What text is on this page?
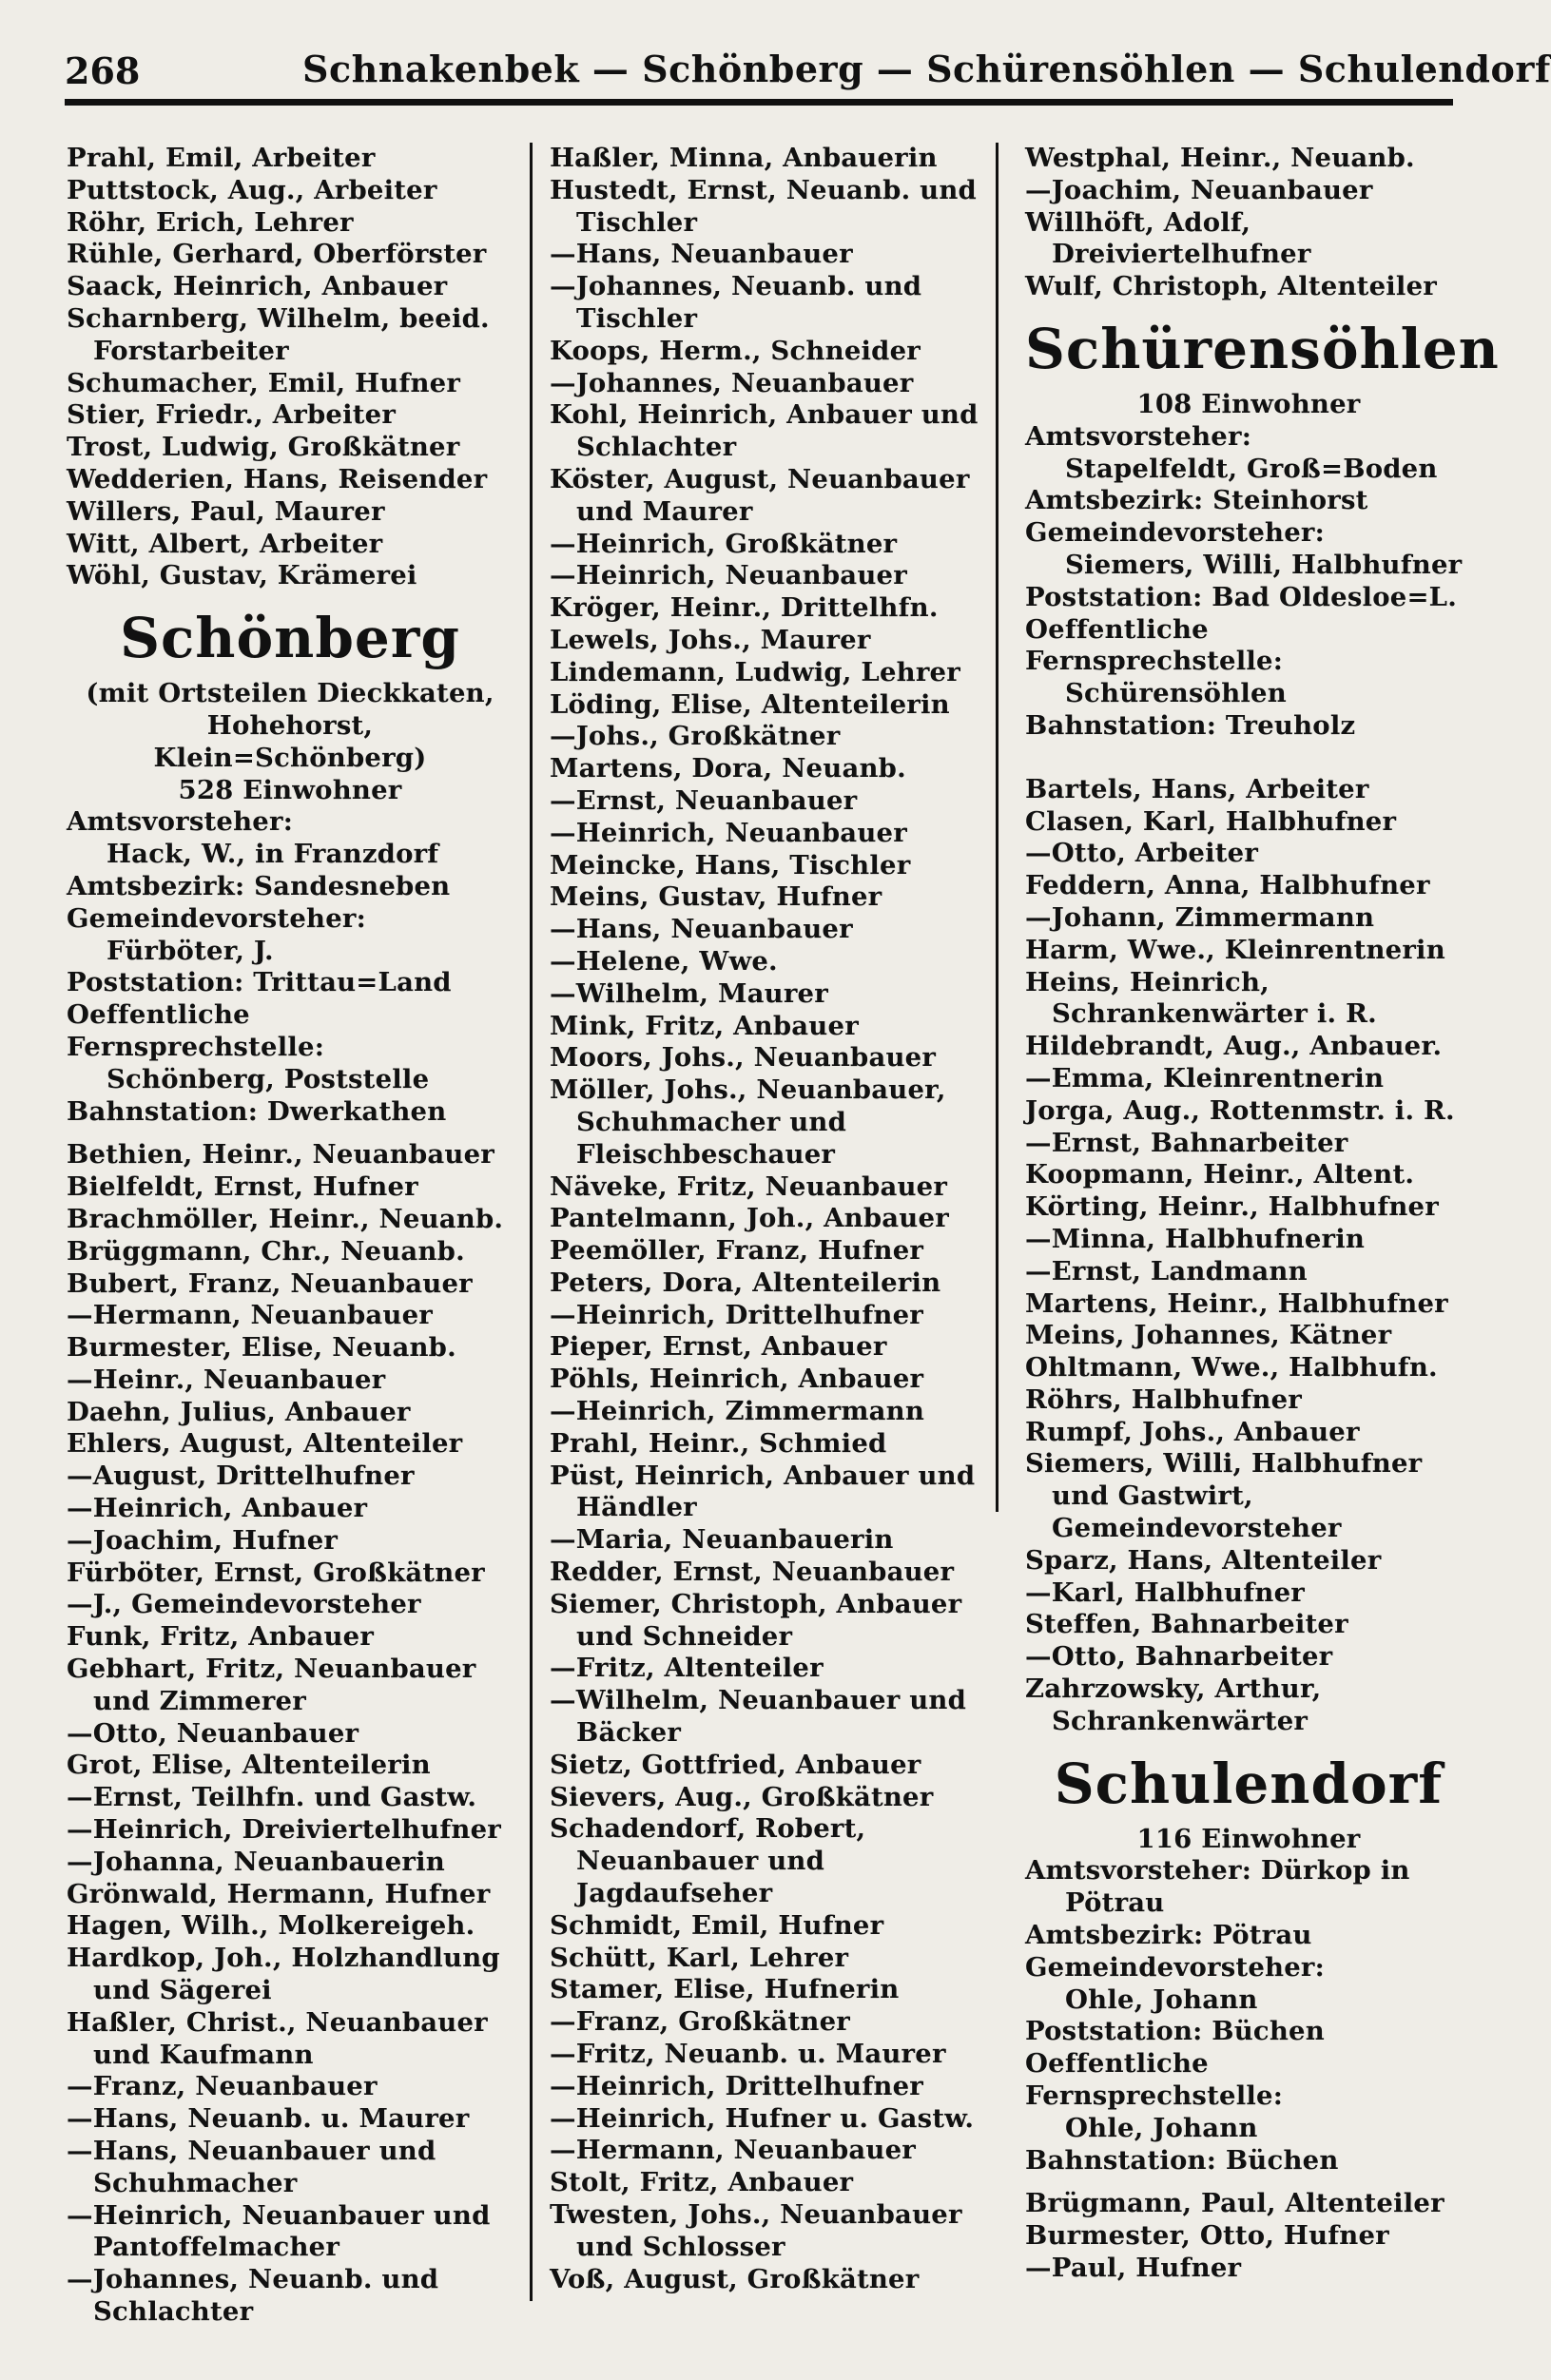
268	Schnakenbek — Schönberg — Schürensöhlen — Schulendorf

Prahl, Emil, Arbeiter

Puttstock, Aug., Arbeiter

Röhr, Erich, Lehrer

Rühle, Gerhard, Oberförster

Saack, Heinrich, Anbauer

Scharnberg, Wilhelm, beeid. Forstarbeiter

Schumacher, Emil, Hufner

Stier, Friedr., Arbeiter

Trost, Ludwig, Großkätner

Wedderien, Hans, Reisender

Willers, Paul, Maurer

Witt, Albert, Arbeiter

Wöhl, Gustav, Krämerei

Schönberg
(mit Ortsteilen Dieckkaten, Hohehorst, Klein=Schönberg)
528 Einwohner

Amtsvorsteher:

Hack, W., in Franzdorf

Amtsbezirk: Sandesneben

Gemeindevorsteher:

Fürböter, J.

Poststation: Trittau=Land

Oeffentliche Fernsprechstelle:

Schönberg, Poststelle

Bahnstation: Dwerkathen

Bethien, Heinr., Neuanbauer

Bielfeldt, Ernst, Hufner

Brachmöller, Heinr., Neuanb.

Brüggmann, Chr., Neuanb.

Bubert, Franz, Neuanbauer

—Hermann, Neuanbauer

Burmester, Elise, Neuanb.

—Heinr., Neuanbauer

Daehn, Julius, Anbauer

Ehlers, August, Altenteiler

—August, Drittelhufner

—Heinrich, Anbauer

—Joachim, Hufner

Fürböter, Ernst, Großkätner

—J., Gemeindevorsteher

Funk, Fritz, Anbauer

Gebhart, Fritz, Neuanbauer und Zimmerer

—Otto, Neuanbauer

Grot, Elise, Altenteilerin

—Ernst, Teilhfn. und Gastw.

—Heinrich, Dreiviertelhufner

—Johanna, Neuanbauerin

Grönwald, Hermann, Hufner

Hagen, Wilh., Molkereigeh.

Hardkop, Joh., Holzhandlung und Sägerei

Haßler, Christ., Neuanbauer und Kaufmann

—Franz, Neuanbauer

—Hans, Neuanb. u. Maurer

—Hans, Neuanbauer und Schuhmacher

—Heinrich, Neuanbauer und Pantoffelmacher

—Johannes, Neuanb. und Schlachter

Haßler, Minna, Anbauerin

Hustedt, Ernst, Neuanb. und Tischler

—Hans, Neuanbauer

—Johannes, Neuanb. und Tischler

Koops, Herm., Schneider

—Johannes, Neuanbauer

Kohl, Heinrich, Anbauer und Schlachter

Köster, August, Neuanbauer und Maurer

—Heinrich, Großkätner

—Heinrich, Neuanbauer

Kröger, Heinr., Drittelhfn.

Lewels, Johs., Maurer

Lindemann, Ludwig, Lehrer

Löding, Elise, Altenteilerin

—Johs., Großkätner

Martens, Dora, Neuanb.

—Ernst, Neuanbauer

—Heinrich, Neuanbauer

Meincke, Hans, Tischler

Meins, Gustav, Hufner

—Hans, Neuanbauer

—Helene, Wwe.

—Wilhelm, Maurer

Mink, Fritz, Anbauer

Moors, Johs., Neuanbauer

Möller, Johs., Neuanbauer, Schuhmacher und Fleischbeschauer

Näveke, Fritz, Neuanbauer

Pantelmann, Joh., Anbauer

Peemöller, Franz, Hufner

Peters, Dora, Altenteilerin

—Heinrich, Drittelhufner

Pieper, Ernst, Anbauer

Pöhls, Heinrich, Anbauer

—Heinrich, Zimmermann

Prahl, Heinr., Schmied

Püst, Heinrich, Anbauer und Händler

—Maria, Neuanbauerin

Redder, Ernst, Neuanbauer

Siemer, Christoph, Anbauer und Schneider

—Fritz, Altenteiler

—Wilhelm, Neuanbauer und Bäcker

Sietz, Gottfried, Anbauer

Sievers, Aug., Großkätner

Schadendorf, Robert, Neuanbauer und Jagdaufseher

Schmidt, Emil, Hufner

Schütt, Karl, Lehrer

Stamer, Elise, Hufnerin

—Franz, Großkätner

—Fritz, Neuanb. u. Maurer

—Heinrich, Drittelhufner

—Heinrich, Hufner u. Gastw.

—Hermann, Neuanbauer

Stolt, Fritz, Anbauer

Twesten, Johs., Neuanbauer und Schlosser

Voß, August, Großkätner

Westphal, Heinr., Neuanb.

—Joachim, Neuanbauer

Willhöft, Adolf, Dreiviertelhufner

Wulf, Christoph, Altenteiler

Schürensöhlen
108 Einwohner

Amtsvorsteher:

Stapelfeldt, Groß=Boden

Amtsbezirk: Steinhorst

Gemeindevorsteher:

Siemers, Willi, Halbhufner

Poststation: Bad Oldesloe=L.

Oeffentliche Fernsprechstelle:

Schürensöhlen

Bahnstation: Treuholz

Bartels, Hans, Arbeiter

Clasen, Karl, Halbhufner

—Otto, Arbeiter

Feddern, Anna, Halbhufner

—Johann, Zimmermann

Harm, Wwe., Kleinrentnerin

Heins, Heinrich, Schrankenwärter i. R.

Hildebrandt, Aug., Anbauer.

—Emma, Kleinrentnerin

Jorga, Aug., Rottenmstr. i. R.

—Ernst, Bahnarbeiter

Koopmann, Heinr., Altent.

Körting, Heinr., Halbhufner

—Minna, Halbhufnerin

—Ernst, Landmann

Martens, Heinr., Halbhufner

Meins, Johannes, Kätner

Ohltmann, Wwe., Halbhufn.

Röhrs, Halbhufner

Rumpf, Johs., Anbauer

Siemers, Willi, Halbhufner und Gastwirt, Gemeindevorsteher

Sparz, Hans, Altenteiler

—Karl, Halbhufner

Steffen, Bahnarbeiter

—Otto, Bahnarbeiter

Zahrzowsky, Arthur, Schrankenwärter

Schulendorf
116 Einwohner

Amtsvorsteher: Dürkop in

Pötrau

Amtsbezirk: Pötrau

Gemeindevorsteher:

Ohle, Johann

Poststation: Büchen

Oeffentliche Fernsprechstelle:

Ohle, Johann

Bahnstation: Büchen

Brügmann, Paul, Altenteiler

Burmester, Otto, Hufner

—Paul, Hufner
